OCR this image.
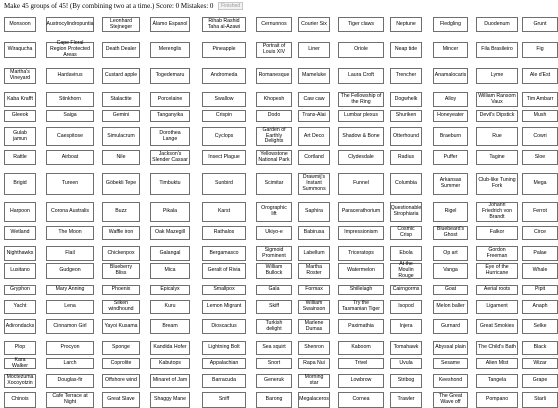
Make 45 groups of 45! (By combining two at a time.) Score: 0 Mistakes: 0 Finished
Monsoon	Austrocylindropuntia	Leonhard Stejneger	Álamo Espanol	Rihab Rashid Taha al-Azawi	Cernunnos	Courier Six	Tiger claws	Neptune	Fledgling	Duodenum	Grunt
Wiraqucha
Cape Floral Region Protected Areas
Death Dealer	Merenglis	Pineapple	Portrait of Louis XIV	Liner	Oriole	Neap tide	Mincer	Fila Brasileiro	Fig
Martha's Vineyard	Hardavirus	Custard apple	Togedemaru	Andromeda	Romanesque Mameluke	Laura Croft	Trencher	Anamalocaris	Lyme	Ale d'Est
Kaba Krafft	Stinkhorn	Stalactite	Porcelaine	Swallow	Khopesh	Caw caw	The Fellowship of the Ring	Dogwhelk	Alloy	William Ransom Vaux	Tim Ambarr
Gleeok	Saiga	Gemini	Tanganyika	Crispin	Dodo	Trans-Alai	Lumbar plexus	Shuriken	Honeyeater	Devil's Dipstick	Mush
Gulab jamun	Caespitose	Simulacrum	Dorothea Lange	Cyclops
Garden of Earthly Delights
Art Deco	Shadow & Bone	Otterhound	Braeburn	Rue	Cowri
Rattle	Airboat	Nile	Jackson's Slender Cassar	Insect Plague	Yellowstone National Park	Cortland	Clydesdale	Radius	Puffer	Tagine	Sloe
Brigid	Tureen	Göbekli Tepe	Timbuktu	Sunbird	Scimitar
Drawmij's Instant Summons
Funnel	Columbia	Arkansas Summer
Club-like Tuning Fork	Mega
Harpoon	Corona Australis	Buzz	Pikala	Karst	Orographic lift	Saphira	Paracerathorium Questionable Strophiaria	Rigel
Johann Friedrich von Brandt
Ferrot
Wetland	The Moon	Waffle iron	Oak Mazegill	Rathalos	Ukiyo-e	Babirusa	Impressionism	Cosmic Crisp
Bluebeard's Ghost	Falkor	Circe
Nighthawks	Flail	Chickenpox	Galangal	Bergamasco	Sigmoid Prominent	Labellum	Triceratops	Ebola	Op art	Gordon Freeman	Palae
Lusitano	Gudgeon	Blueberry Bliss	Mica	Geralt of Rivia	William Bullock
Martha Roster	Watermelon
At the Moulin Rouge
Vanga	Eye of the Hurricane	Whale
Gryphon	Mary Anning	Phoenix	Epicalyx	Smallpox	Gala	Formax	Shillelagh	Cairngorms	Goat	Aerial roots	Pipit
Yacht	Lena	Silken windhound	Kuru	Lemon Migrant	Skiff	William Swainson
Try the Tasmanian Tiger	Isopod	Melon baller	Ligament	Anaph
Adirondacks	Cinnamon Girl	Yayoi Kusama	Bream	Dioscactus	Turkish delight
Marlene Dumas	Paximathia	Injera	Gurnard	Great Smokies	Selke
Plop	Procyon	Sponge	Kandida Hofer	Lightning Bolt	Sea squirt	Shenron	Kaboom	Tomahawk	Abyssal plain The Child's Bath	Black
Kara Walker	Larch	Coprolite	Kabutops	Appalachian	Snort	Rapa Nui	Trivel	Uvula	Sesame	Alien Mist	Wizar
Moctezuma Xocoyotzin	Douglas-fir	Offshore wind	Minaret of Jam	Barracuda	Generuk	Morning star	Lowbrow	Stribog	Keeshond	Tangela	Grape
Chinois	Cafe Terrace at Night	Great Slave	Shaggy Mane	Sniff	Barong	Megalaceros	Cornea	Trawler	The Great Wave off	Pompano	Starli
